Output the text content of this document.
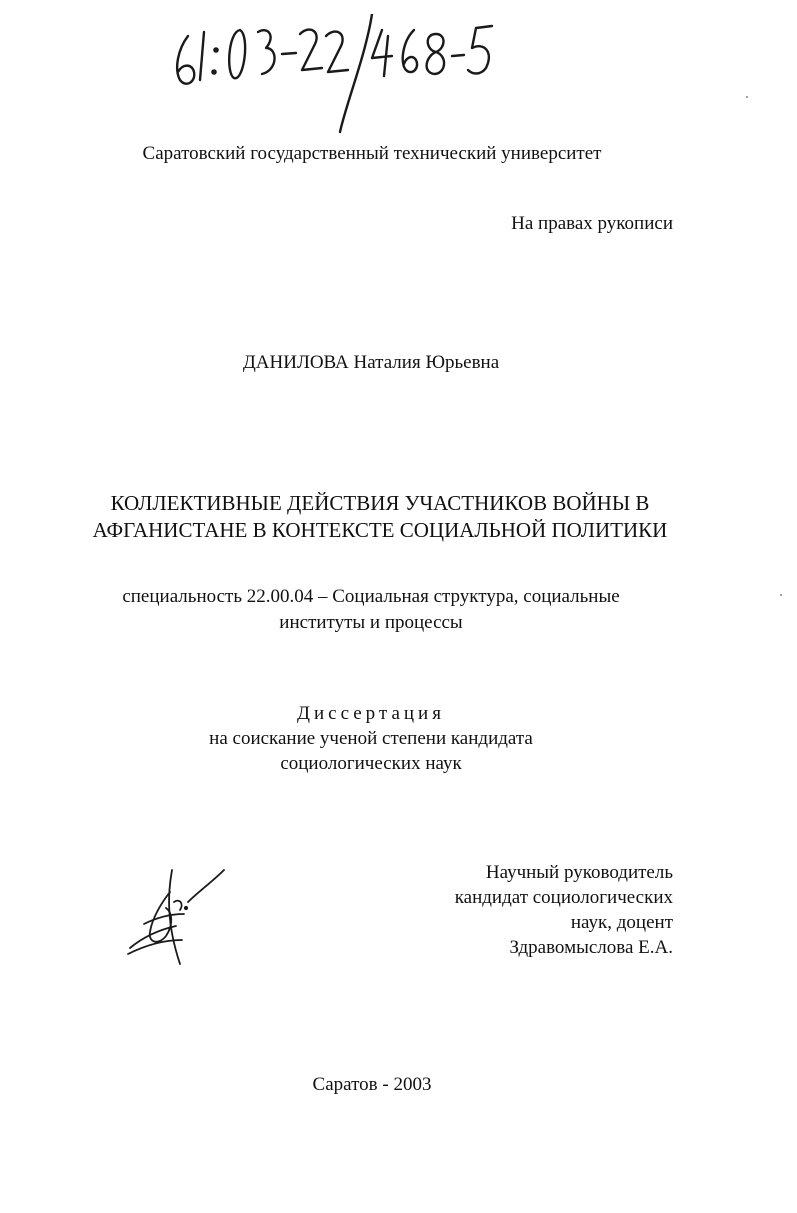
Саратовский государственный технический университет
На правах рукописи
ДАНИЛОВА Наталия Юрьевна
КОЛЛЕКТИВНЫЕ ДЕЙСТВИЯ УЧАСТНИКОВ ВОЙНЫ В
АФГАНИСТАНЕ В КОНТЕКСТЕ СОЦИАЛЬНОЙ ПОЛИТИКИ
специальность 22.00.04 – Социальная структура, социальные
институты и процессы
Диссертация
на соискание ученой степени кандидата
социологических наук
Научный руководитель
кандидат социологических
наук, доцент
Здравомыслова Е.А.
Саратов - 2003
